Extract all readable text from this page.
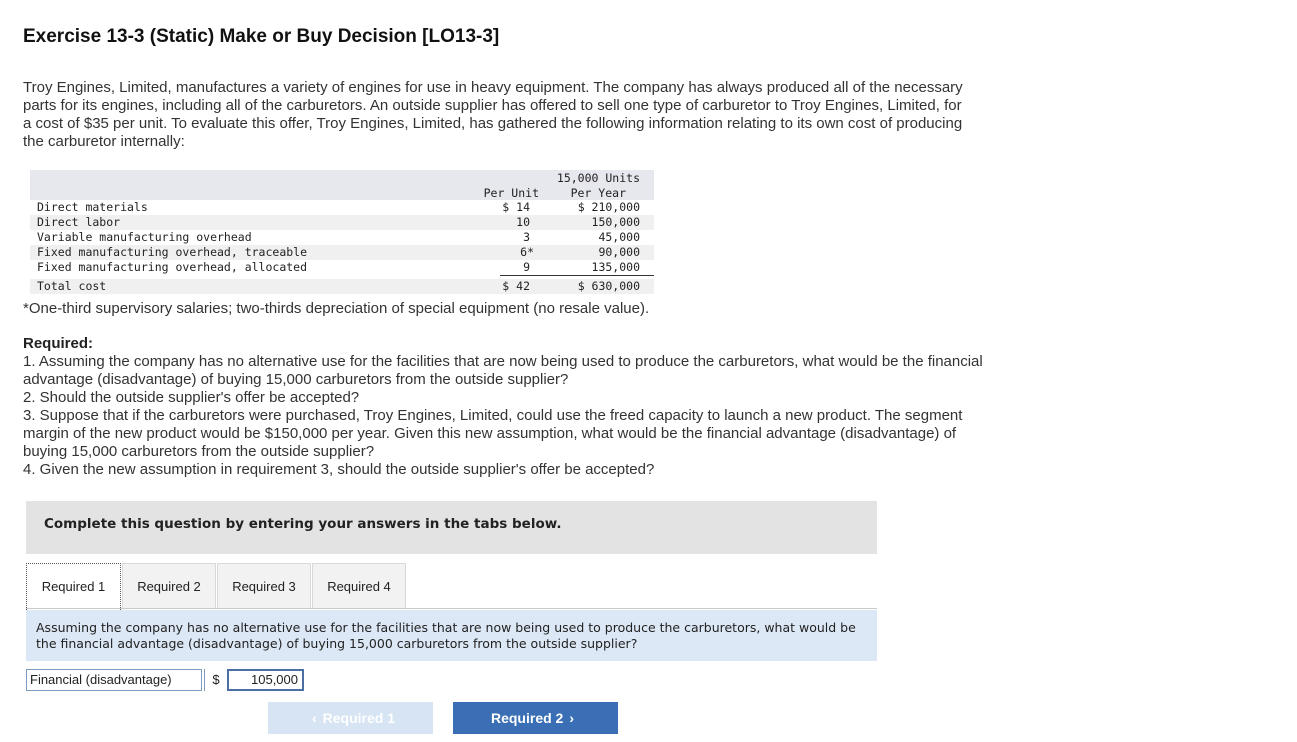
Exercise 13-3 (Static) Make or Buy Decision [LO13-3]

Troy Engines, Limited, manufactures a variety of engines for use in heavy equipment. The company has always produced all of the necessary parts for its engines, including all of the carburetors. An outside supplier has offered to sell one type of carburetor to Troy Engines, Limited, for a cost of $35 per unit. To evaluate this offer, Troy Engines, Limited, has gathered the following information relating to its own cost of producing the carburetor internally:

Per Unit
15,000 Units
Per Year
Direct materials	$ 14	$ 210,000
Direct labor	10	150,000
Variable manufacturing overhead	3	45,000
Fixed manufacturing overhead, traceable	6*	90,000
Fixed manufacturing overhead, allocated	9	135,000
Total cost	$ 42	$ 630,000
*One-third supervisory salaries; two-thirds depreciation of special equipment (no resale value).
Required:

1. Assuming the company has no alternative use for the facilities that are now being used to produce the carburetors, what would be the financial advantage (disadvantage) of buying 15,000 carburetors from the outside supplier?

2. Should the outside supplier's offer be accepted?

3. Suppose that if the carburetors were purchased, Troy Engines, Limited, could use the freed capacity to launch a new product. The segment margin of the new product would be $150,000 per year. Given this new assumption, what would be the financial advantage (disadvantage) of buying 15,000 carburetors from the outside supplier?

4. Given the new assumption in requirement 3, should the outside supplier's offer be accepted?

Complete this question by entering your answers in the tabs below.
Required 1	Required 2	Required 3	Required 4
Assuming the company has no alternative use for the facilities that are now being used to produce the carburetors, what would be the financial advantage (disadvantage) of buying 15,000 carburetors from the outside supplier?
Financial (disadvantage)	$	105,000
‹ Required 1	Required 2 ›
